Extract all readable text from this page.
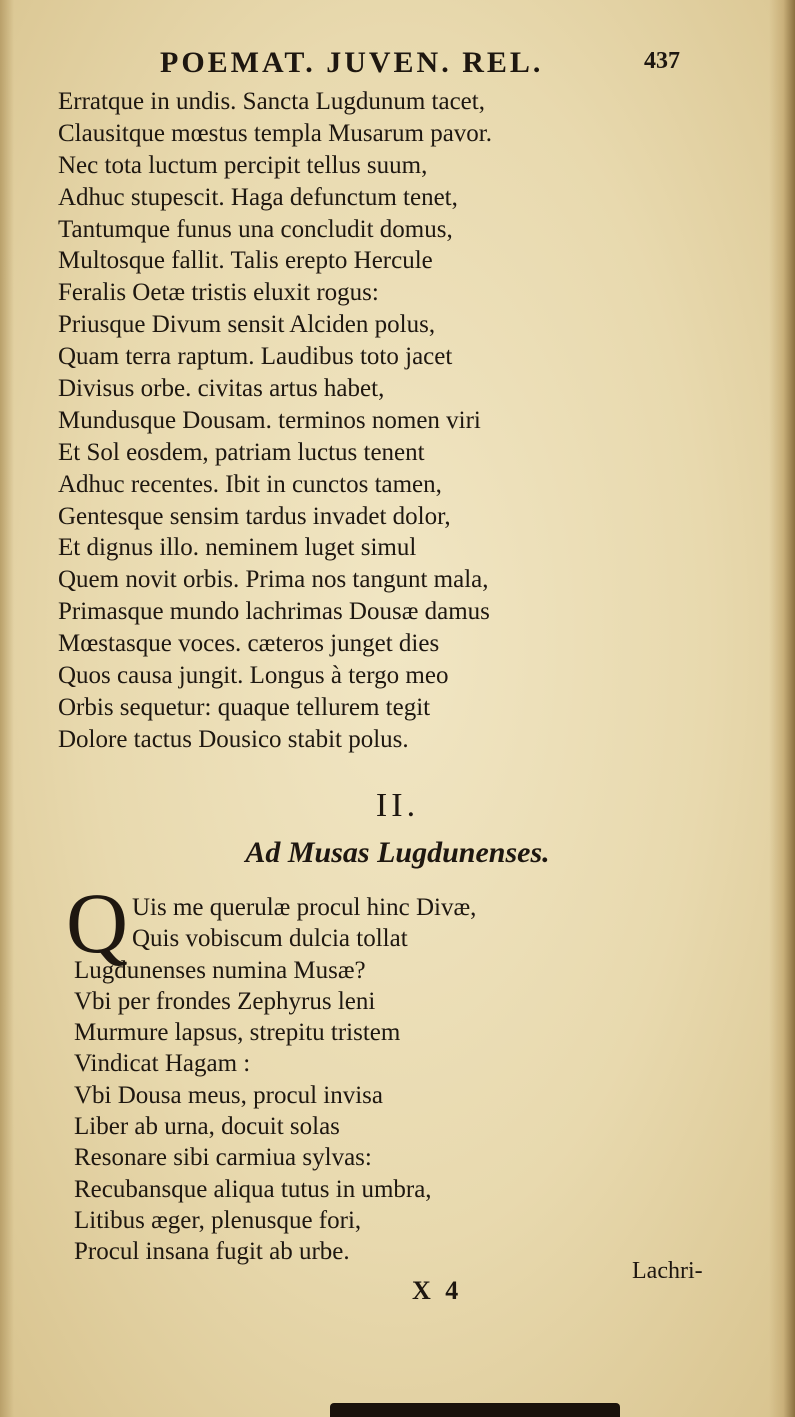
POEMAT. JUVEN. REL.	437
Erratque in undis. Sancta Lugdunum tacet,
Clausitque mœstus templa Musarum pavor.
Nec tota luctum percipit tellus suum,
Adhuc stupescit. Haga defunctum tenet,
Tantumque funus una concludit domus,
Multosque fallit. Talis erepto Hercule
Feralis Oetæ tristis eluxit rogus:
Priusque Divum sensit Alciden polus,
Quam terra raptum. Laudibus toto jacet
Divisus orbe. civitas artus habet,
Mundusque Dousam. terminos nomen viri
Et Sol eosdem, patriam luctus tenent
Adhuc recentes. Ibit in cunctos tamen,
Gentesque sensim tardus invadet dolor,
Et dignus illo. neminem luget simul
Quem novit orbis. Prima nos tangunt mala,
Primasque mundo lachrimas Dousæ damus
Mœstasque voces. cæteros junget dies
Quos causa jungit. Longus à tergo meo
Orbis sequetur: quaque tellurem tegit
Dolore tactus Dousico stabit polus.
II.
Ad Musas Lugdunenses.
Q Uis me querulæ procul hinc Divæ,
Quis vobiscum dulcia tollat
Lugdunenses numina Musæ?
Vbi per frondes Zephyrus leni
Murmure lapsus, strepitu tristem
Vindicat Hagam :
Vbi Dousa meus, procul invisa
Liber ab urna, docuit solas
Resonare sibi carmiua sylvas:
Recubansque aliqua tutus in umbra,
Litibus æger, plenusque fori,
Procul insana fugit ab urbe.
X 4
Lachri-
